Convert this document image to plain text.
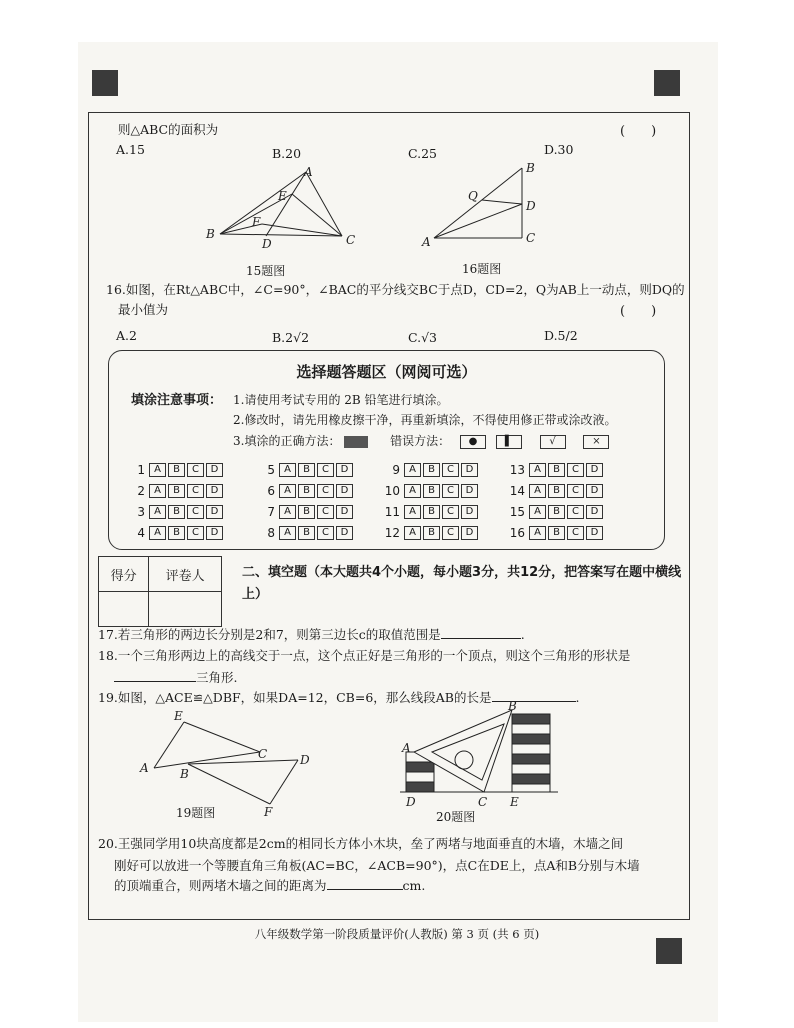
则△ABC的面积为	(　　)
A.15	B.20	C.25	D.30
A
B	C
D
E
F
15题图
A
B
C
D
Q
16题图
16.如图，在Rt△ABC中，∠C=90°，∠BAC的平分线交BC于点D，CD=2，Q为AB上一动点，则DQ的
最小值为	(　　)
A.2	B.2√2	C.√3	D.5/2
选择题答题区（网阅可选）
填涂注意事项： 1.请使用考试专用的 2B 铅笔进行填涂。
2.修改时，请先用橡皮擦干净，再重新填涂，不得使用修正带或涂改液。
3.填涂的正确方法：	错误方法： ●	▌	√	×
1 A	B	C	D
2 A	B	C	D
3 A	B	C	D
4 A	B	C	D
5 A	B	C	D
6 A	B	C	D
7 A	B	C	D
8 A	B	C	D
9 A	B	C	D
10 A	B	C	D
11 A	B	C	D
12 A	B	C	D
13 A	B	C	D
14 A	B	C	D
15 A	B	C	D
16 A	B	C	D
得分	评卷人
		二、填空题（本大题共4个小题，每小题3分，共12分，把答案写在题中横线上）
17.若三角形的两边长分别是2和7，则第三边长c的取值范围是	.
18.一个三角形两边上的高线交于一点，这个点正好是三角形的一个顶点，则这个三角形的形状是
三角形.
19.如图，△ACE≌△DBF，如果DA=12，CB=6，那么线段AB的长是	.
A	B
C	D
E
F
19题图
A
B
C
D	E
20题图
20.王强同学用10块高度都是2cm的相同长方体小木块，垒了两堵与地面垂直的木墙，木墙之间
刚好可以放进一个等腰直角三角板(AC=BC，∠ACB=90°)，点C在DE上，点A和B分别与木墙
的顶端重合，则两堵木墙之间的距离为	cm.
八年级数学第一阶段质量评价(人教版) 第 3 页 (共 6 页)
